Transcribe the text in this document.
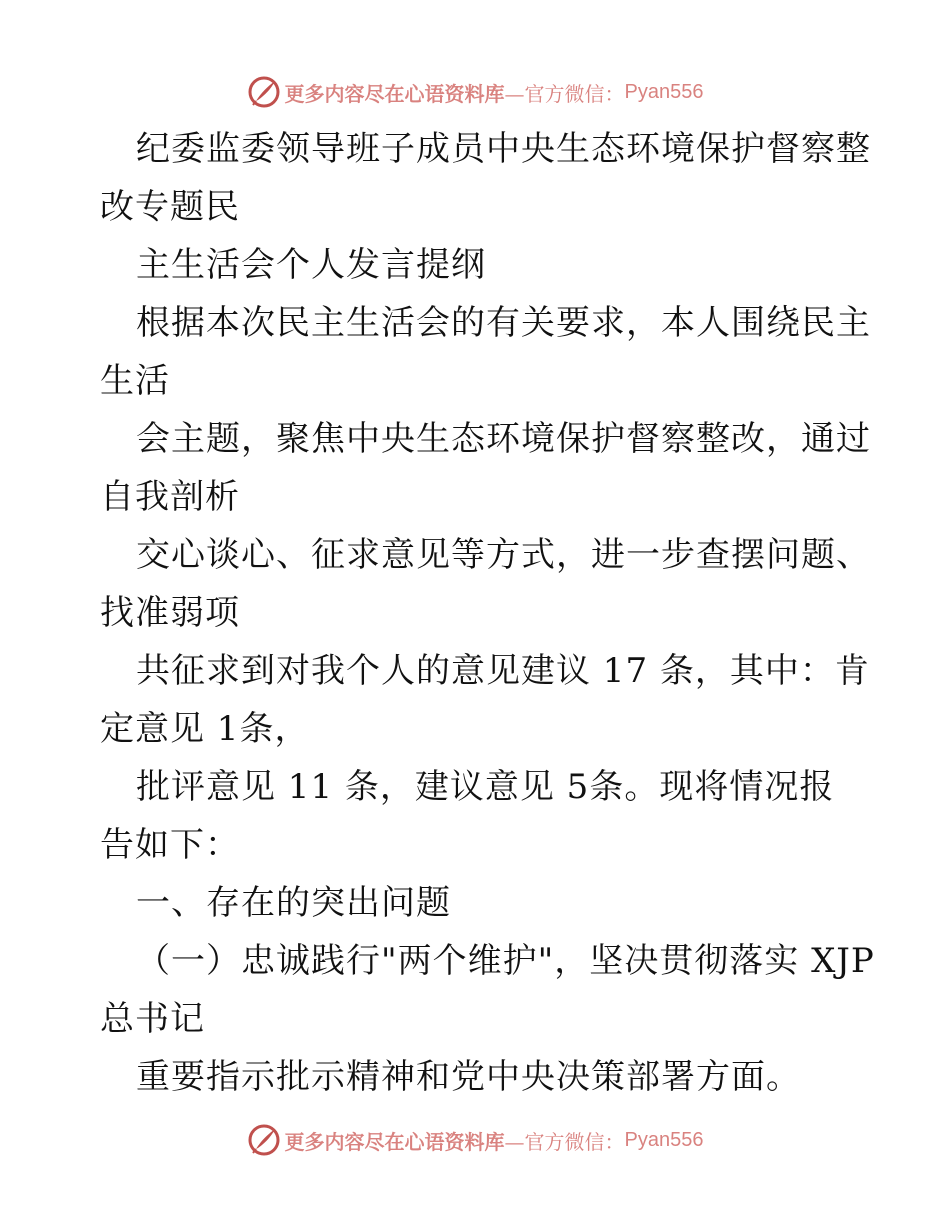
更多内容尽在心语资料库 —官方微信： Pyan556
纪委监委领导班子成员中央生态环境保护督察整
改专题民
主生活会个人发言提纲
根据本次民主生活会的有关要求，本人围绕民主
生活
会主题，聚焦中央生态环境保护督察整改，通过
自我剖析
交心谈心、征求意见等方式，进一步查摆问题、
找准弱项
共征求到对我个人的意见建议 17 条，其中：肯
定意见 1条，
批评意见 11 条，建议意见 5条。现将情况报
告如下：
一、存在的突出问题
（一）忠诚践行"两个维护"，坚决贯彻落实 XJP
总书记
重要指示批示精神和党中央决策部署方面。
更多内容尽在心语资料库 —官方微信： Pyan556
